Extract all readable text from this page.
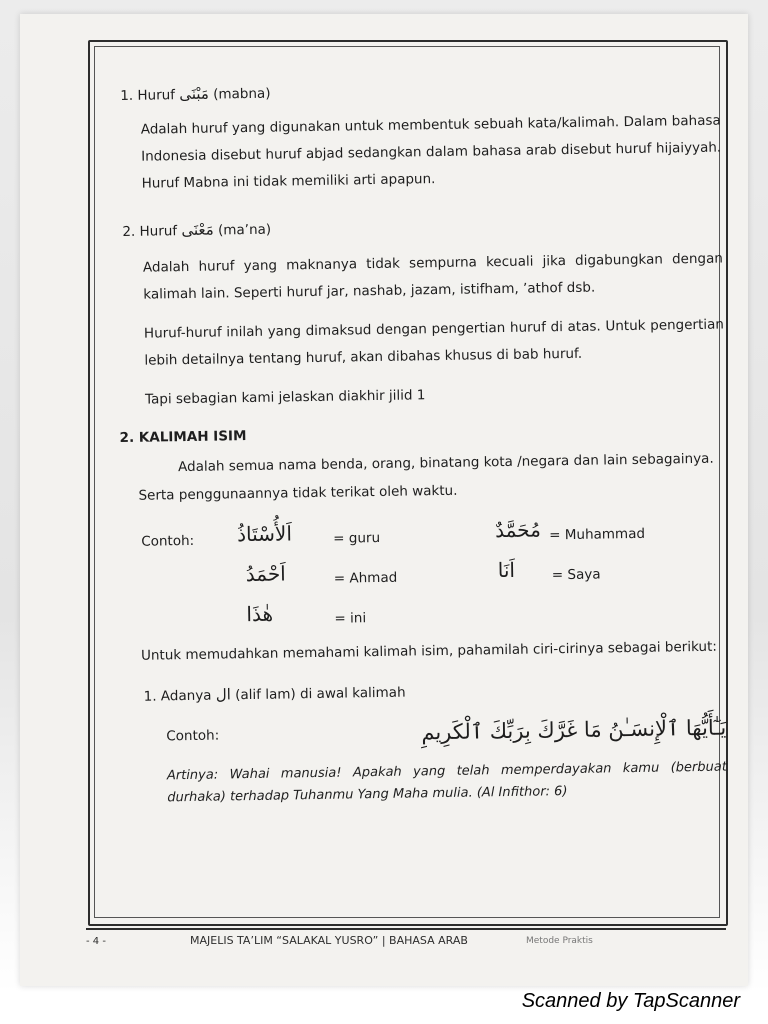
1. Huruf مَبْنَى (mabna)

Adalah huruf yang digunakan untuk membentuk sebuah kata/kalimah. Dalam bahasa Indonesia disebut huruf abjad sedangkan dalam bahasa arab disebut huruf hijaiyyah. Huruf Mabna ini tidak memiliki arti apapun.

2. Huruf مَعْنَى (ma’na)

Adalah huruf yang maknanya tidak sempurna kecuali jika digabungkan dengan kalimah lain. Seperti huruf jar, nashab, jazam, istifham, ’athof dsb.

Huruf-huruf inilah yang dimaksud dengan pengertian huruf di atas. Untuk pengertian lebih detailnya tentang huruf, akan dibahas khusus di bab huruf.

Tapi sebagian kami jelaskan diakhir jilid 1

2. KALIMAH ISIM

Adalah semua nama benda, orang, binatang kota /negara dan lain sebagainya.

Serta penggunaannya tidak terikat oleh waktu.

Contoh: اَلأُسْتَاذُ	= guru	مُحَمَّدٌ = Muhammad
اَحْمَدُ	= Ahmad	اَنَا	= Saya
هٰذَا	= ini

Untuk memudahkan memahami kalimah isim, pahamilah ciri-cirinya sebagai berikut:

1. Adanya ال (alif lam) di awal kalimah

Contoh:	يَـٰٓأَيُّهَا ٱلْإِنسَـٰنُ مَا غَرَّكَ بِرَبِّكَ ٱلْكَرِيمِ

Artinya: Wahai manusia! Apakah yang telah memperdayakan kamu (berbuat durhaka) terhadap Tuhanmu Yang Maha mulia. (Al Infithor: 6)

- 4 -	MAJELIS TA’LIM “SALAKAL YUSRO” | BAHASA ARAB	Metode Praktis
Scanned by TapScanner
